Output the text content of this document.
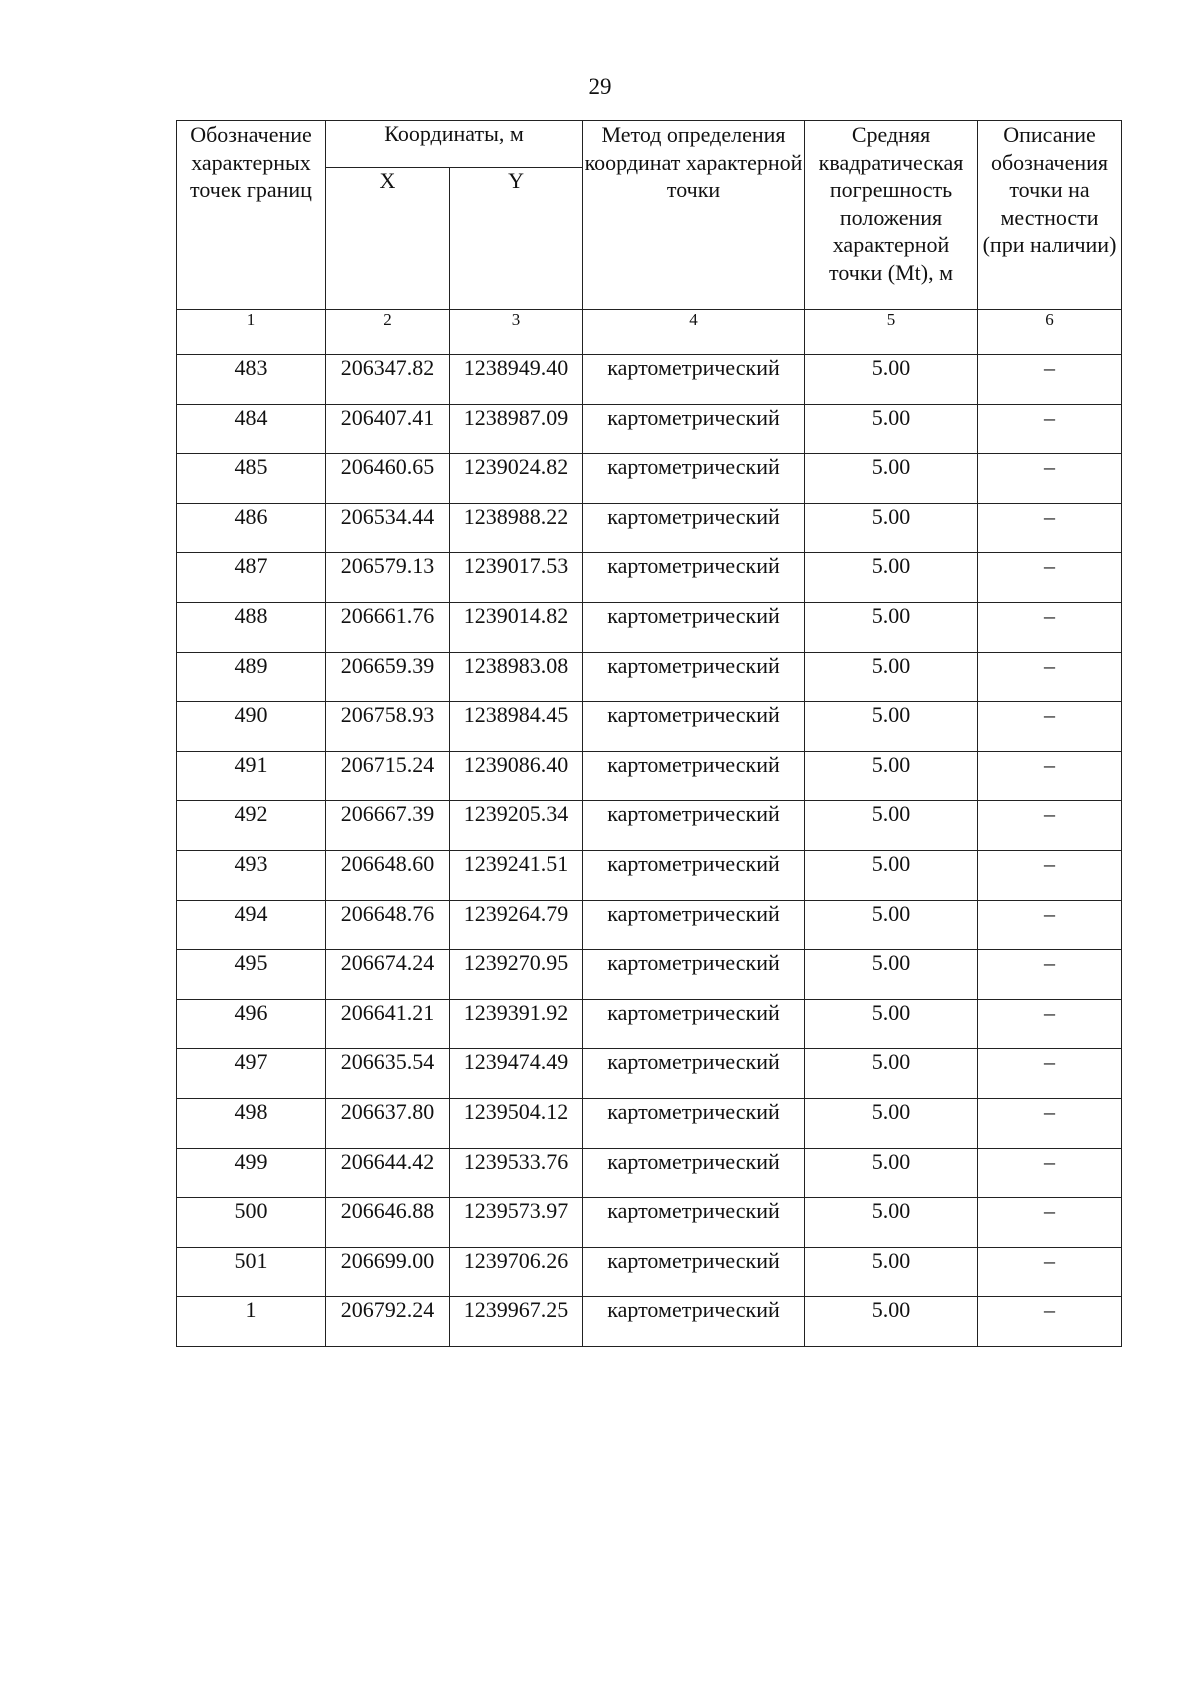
29
Обозначение характерных точек границ	Координаты, м		Метод определения координат характерной точки	Средняя квадратическая погрешность положения характерной точки (Mt), м	Описание обозначения точки на местности (при наличии)
	X	Y			
1	2	3	4	5	6
483	206347.82	1238949.40	картометрический	5.00	–
484	206407.41	1238987.09	картометрический	5.00	–
485	206460.65	1239024.82	картометрический	5.00	–
486	206534.44	1238988.22	картометрический	5.00	–
487	206579.13	1239017.53	картометрический	5.00	–
488	206661.76	1239014.82	картометрический	5.00	–
489	206659.39	1238983.08	картометрический	5.00	–
490	206758.93	1238984.45	картометрический	5.00	–
491	206715.24	1239086.40	картометрический	5.00	–
492	206667.39	1239205.34	картометрический	5.00	–
493	206648.60	1239241.51	картометрический	5.00	–
494	206648.76	1239264.79	картометрический	5.00	–
495	206674.24	1239270.95	картометрический	5.00	–
496	206641.21	1239391.92	картометрический	5.00	–
497	206635.54	1239474.49	картометрический	5.00	–
498	206637.80	1239504.12	картометрический	5.00	–
499	206644.42	1239533.76	картометрический	5.00	–
500	206646.88	1239573.97	картометрический	5.00	–
501	206699.00	1239706.26	картометрический	5.00	–
1	206792.24	1239967.25	картометрический	5.00	–
